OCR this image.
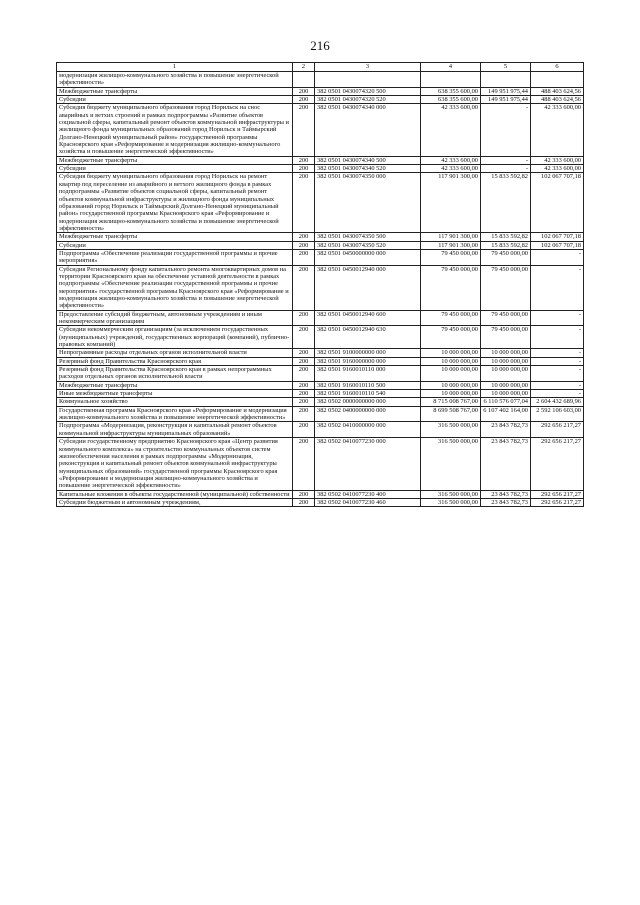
216
1	2	3	4	5	6
модернизация жилищно-коммунального хозяйства и повышение энергетической эффективности»					
Межбюджетные трансферты	200	382 0501 0430074320 500	638 355 600,00	149 951 975,44	488 403 624,56
Субсидии	200	382 0501 0430074320 520	638 355 600,00	149 951 975,44	488 403 624,56
Субсидия бюджету муниципального образования город Норильск на снос аварийных и ветхих строений в рамках подпрограммы «Развитие объектов социальной сферы, капитальный ремонт объектов коммунальной инфраструктуры и жилищного фонда муниципальных образований город Норильск и Таймырский Долгано-Ненецкий муниципальный район» государственной программы Красноярского края «Реформирование и модернизация жилищно-коммунального хозяйства и повышение энергетической эффективности»	200	382 0501 0430074340 000	42 333 600,00	-	42 333 600,00
Межбюджетные трансферты	200	382 0501 0430074340 500	42 333 600,00	-	42 333 600,00
Субсидии	200	382 0501 0430074340 520	42 333 600,00	-	42 333 600,00
Субсидия бюджету муниципального образования город Норильск на ремонт квартир под переселение из аварийного и ветхого жилищного фонда в рамках подпрограммы «Развитие объектов социальной сферы, капитальный ремонт объектов коммунальной инфраструктуры и жилищного фонда муниципальных образований город Норильск и Таймырский Долгано-Ненецкий муниципальный район» государственной программы Красноярского края «Реформирование и модернизация жилищно-коммунального хозяйства и повышение энергетической эффективности»	200	382 0501 0430074350 000	117 901 300,00	15 833 592,82	102 067 707,18
Межбюджетные трансферты	200	382 0501 0430074350 500	117 901 300,00	15 833 592,82	102 067 707,18
Субсидии	200	382 0501 0430074350 520	117 901 300,00	15 833 592,82	102 067 707,18
Подпрограмма «Обеспечение реализации государственной программы и прочие мероприятия»	200	382 0501 0450000000 000	79 450 000,00	79 450 000,00	-
Субсидия Региональному фонду капитального ремонта многоквартирных домов на территории Красноярского края на обеспечение уставной деятельности в рамках подпрограммы «Обеспечение реализации государственной программы и прочие мероприятия» государственной программы Красноярского края «Реформирование и модернизация жилищно-коммунального хозяйства и повышение энергетической эффективности»	200	382 0501 0450012940 000	79 450 000,00	79 450 000,00	-
Предоставление субсидий бюджетным, автономным учреждениям и иным некоммерческим организациям	200	382 0501 0450012940 600	79 450 000,00	79 450 000,00	-
Субсидии некоммерческим организациям (за исключением государственных (муниципальных) учреждений, государственных корпораций (компаний), публично-правовых компаний)	200	382 0501 0450012940 630	79 450 000,00	79 450 000,00	-
Непрограммные расходы отдельных органов исполнительной власти	200	382 0501 9100000000 000	10 000 000,00	10 000 000,00	-
Резервный фонд Правительства Красноярского края	200	382 0501 9160000000 000	10 000 000,00	10 000 000,00	-
Резервный фонд Правительства Красноярского края в рамках непрограммных расходов отдельных органов исполнительной власти	200	382 0501 9160010110 000	10 000 000,00	10 000 000,00	-
Межбюджетные трансферты	200	382 0501 9160010110 500	10 000 000,00	10 000 000,00	-
Иные межбюджетные трансферты	200	382 0501 9160010110 540	10 000 000,00	10 000 000,00	-
Коммунальное хозяйство	200	382 0502 0000000000 000	8 715 008 767,00	6 110 576 077,04	2 604 432 689,96
Государственная программа Красноярского края «Реформирование и модернизация жилищно-коммунального хозяйства и повышение энергетической эффективности»	200	382 0502 0400000000 000	8 699 508 767,00	6 107 402 164,00	2 592 106 603,00
Подпрограмма «Модернизация, реконструкция и капитальный ремонт объектов коммунальной инфраструктуры муниципальных образований»	200	382 0502 0410000000 000	316 500 000,00	23 843 782,73	292 656 217,27
Субсидии государственному предприятию Красноярского края «Центр развития коммунального комплекса» на строительство коммунальных объектов систем жизнеобеспечения населения в рамках подпрограммы «Модернизация, реконструкция и капитальный ремонт объектов коммунальной инфраструктуры муниципальных образований» государственной программы Красноярского края «Реформирование и модернизация жилищно-коммунального хозяйства и повышение энергетической эффективности»	200	382 0502 0410077230 000	316 500 000,00	23 843 782,73	292 656 217,27
Капитальные вложения в объекты государственной (муниципальной) собственности	200	382 0502 0410077230 400	316 500 000,00	23 843 782,73	292 656 217,27
Субсидии бюджетным и автономным учреждениям,	200	382 0502 0410077230 460	316 500 000,00	23 843 782,73	292 656 217,27
